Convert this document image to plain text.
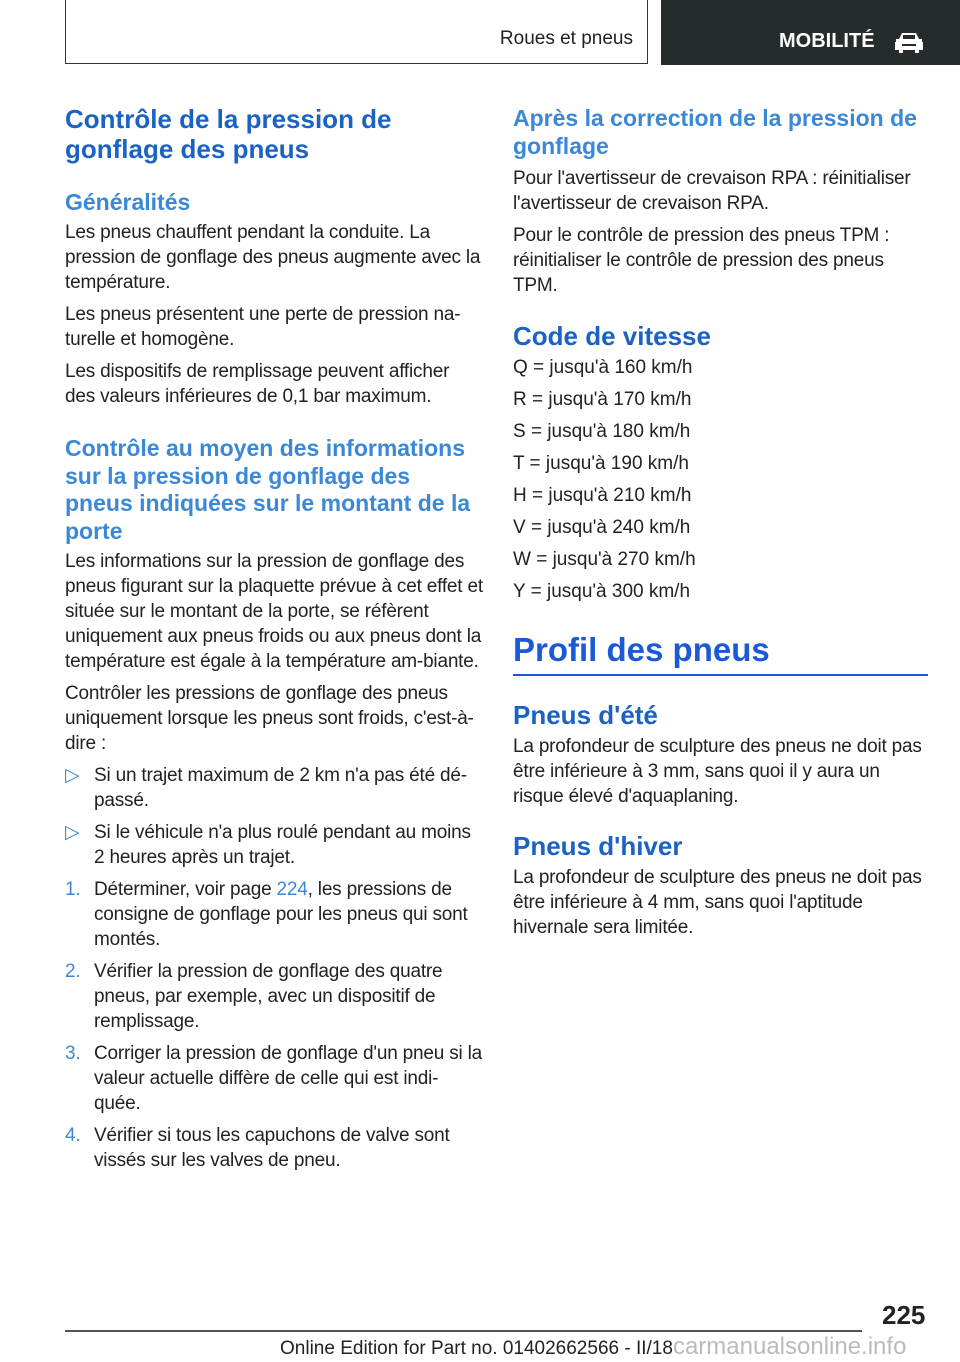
Roues et pneus	MOBILITÉ
Contrôle de la pression de gonflage des pneus
Généralités

Les pneus chauffent pendant la conduite. La pression de gonflage des pneus augmente avec la température.

Les pneus présentent une perte de pression na-turelle et homogène.

Les dispositifs de remplissage peuvent afficher des valeurs inférieures de 0,1 bar maximum.

Contrôle au moyen des informations sur la pression de gonflage des pneus indiquées sur le montant de la porte

Les informations sur la pression de gonflage des pneus figurant sur la plaquette prévue à cet effet et située sur le montant de la porte, se réfèrent uniquement aux pneus froids ou aux pneus dont la température est égale à la température am-biante.

Contrôler les pressions de gonflage des pneus uniquement lorsque les pneus sont froids, c'est-à-dire :

▷ Si un trajet maximum de 2 km n'a pas été dé-passé.
▷ Si le véhicule n'a plus roulé pendant au moins 2 heures après un trajet.
1. Déterminer, voir page 224, les pressions de consigne de gonflage pour les pneus qui sont montés.
2. Vérifier la pression de gonflage des quatre pneus, par exemple, avec un dispositif de remplissage.
3. Corriger la pression de gonflage d'un pneu si la valeur actuelle diffère de celle qui est indi-quée.
4. Vérifier si tous les capuchons de valve sont vissés sur les valves de pneu.
Après la correction de la pression de gonflage

Pour l'avertisseur de crevaison RPA : réinitialiser l'avertisseur de crevaison RPA.

Pour le contrôle de pression des pneus TPM : réinitialiser le contrôle de pression des pneus TPM.

Code de vitesse
Q = jusqu'à 160 km/h
R = jusqu'à 170 km/h
S = jusqu'à 180 km/h
T = jusqu'à 190 km/h
H = jusqu'à 210 km/h
V = jusqu'à 240 km/h
W = jusqu'à 270 km/h
Y = jusqu'à 300 km/h
Profil des pneus
Pneus d'été

La profondeur de sculpture des pneus ne doit pas être inférieure à 3 mm, sans quoi il y aura un risque élevé d'aquaplaning.

Pneus d'hiver

La profondeur de sculpture des pneus ne doit pas être inférieure à 4 mm, sans quoi l'aptitude hivernale sera limitée.

225
Online Edition for Part no. 01402662566 - II/18carmanualsonline.info
